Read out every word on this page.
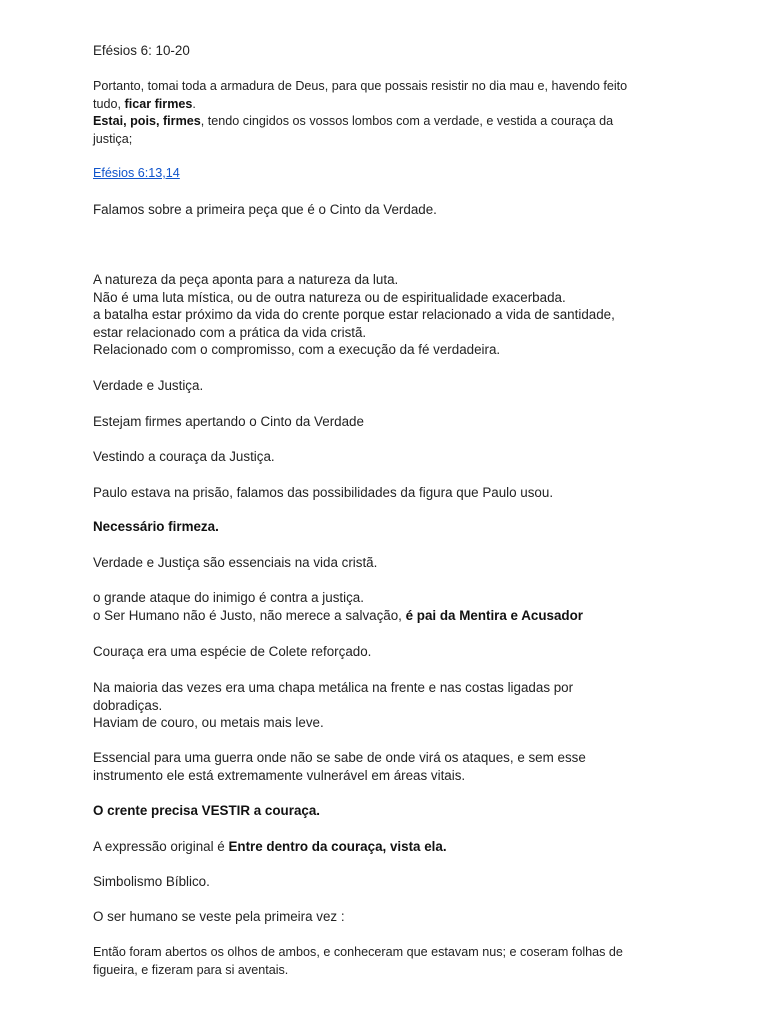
Efésios 6: 10-20

Portanto, tomai toda a armadura de Deus, para que possais resistir no dia mau e, havendo feito
tudo, ficar firmes.
Estai, pois, firmes, tendo cingidos os vossos lombos com a verdade, e vestida a couraça da
justiça;

Efésios 6:13,14

Falamos sobre a primeira peça que é o Cinto da Verdade.

A natureza da peça aponta para a natureza da luta.
Não é uma luta mística, ou de outra natureza ou de espiritualidade exacerbada.
a batalha estar próximo da vida do crente porque estar relacionado a vida de santidade,
estar relacionado com a prática da vida cristã.
Relacionado com o compromisso, com a execução da fé verdadeira.

Verdade e Justiça.

Estejam firmes apertando o Cinto da Verdade

Vestindo a couraça da Justiça.

Paulo estava na prisão, falamos das possibilidades da figura que Paulo usou.

Necessário firmeza.

Verdade e Justiça são essenciais na vida cristã.

o grande ataque do inimigo é contra a justiça.
o Ser Humano não é Justo, não merece a salvação, é pai da Mentira e Acusador

Couraça era uma espécie de Colete reforçado.

Na maioria das vezes era uma chapa metálica na frente e nas costas ligadas por
dobradiças.
Haviam de couro, ou metais mais leve.
Essencial para uma guerra onde não se sabe de onde virá os ataques, e sem esse
instrumento ele está extremamente vulnerável em áreas vitais.

O crente precisa VESTIR a couraça.

A expressão original é Entre dentro da couraça, vista ela.

Simbolismo Bíblico.

O ser humano se veste pela primeira vez :

Então foram abertos os olhos de ambos, e conheceram que estavam nus; e coseram folhas de
figueira, e fizeram para si aventais.
